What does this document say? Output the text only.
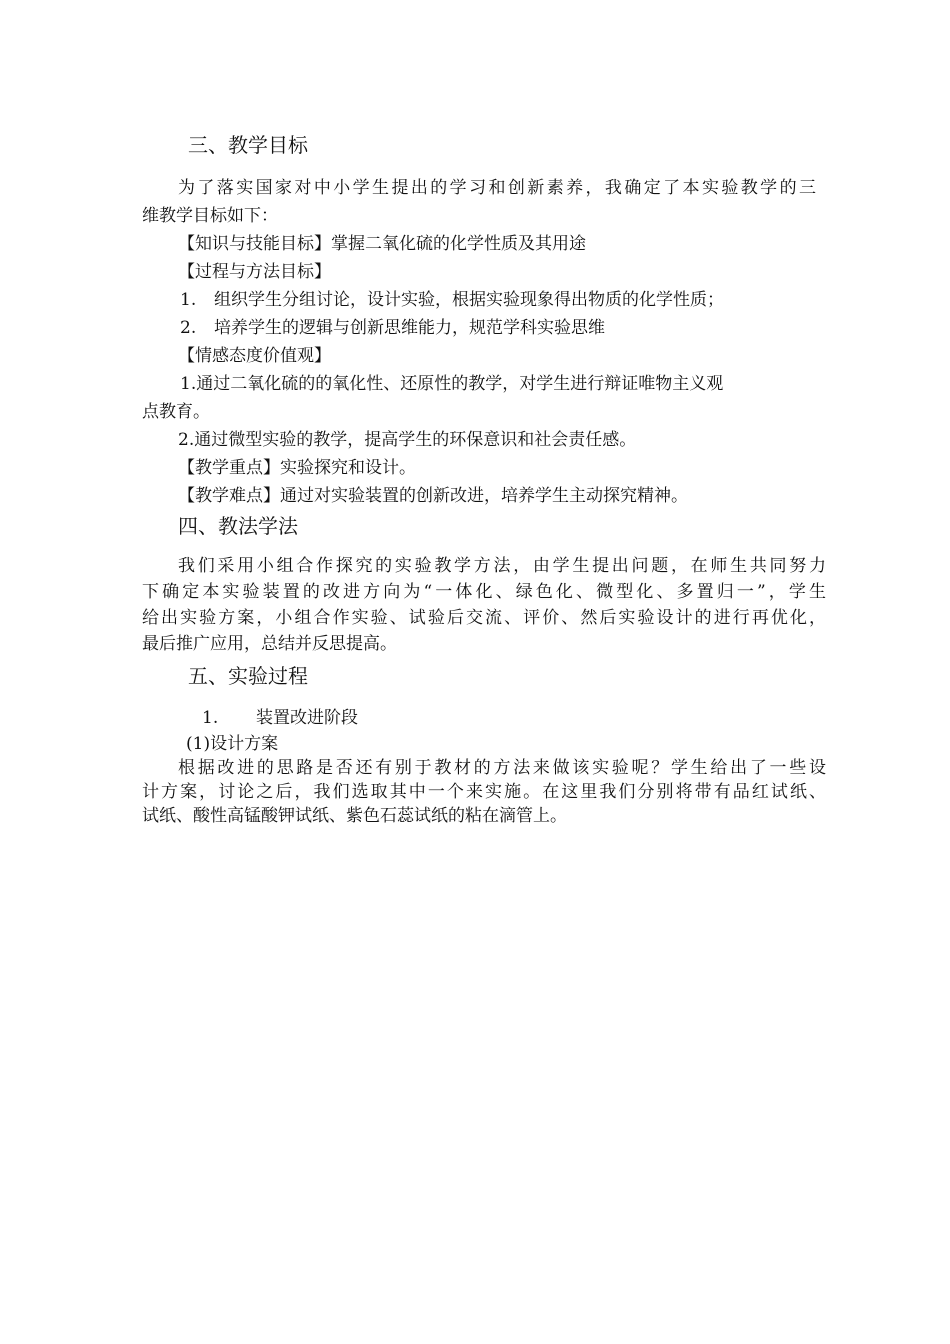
三、教学目标
为了落实国家对中小学生提出的学习和创新素养，我确定了本实验教学的三
维教学目标如下：
【知识与技能目标】掌握二氧化硫的化学性质及其用途
【过程与方法目标】
1. 组织学生分组讨论，设计实验，根据实验现象得出物质的化学性质；
2. 培养学生的逻辑与创新思维能力，规范学科实验思维
【情感态度价值观】
1.通过二氧化硫的的氧化性、还原性的教学，对学生进行辩证唯物主义观
点教育。
2.通过微型实验的教学，提高学生的环保意识和社会责任感。
【教学重点】实验探究和设计。
【教学难点】通过对实验装置的创新改进，培养学生主动探究精神。
四、教法学法
我们采用小组合作探究的实验教学方法，由学生提出问题，在师生共同努力
下确定本实验装置的改进方向为“一体化、绿色化、微型化、多置归一”，学生
给出实验方案，小组合作实验、试验后交流、评价、然后实验设计的进行再优化，
最后推广应用，总结并反思提高。
五、实验过程
1. 装置改进阶段
(1)设计方案
根据改进的思路是否还有别于教材的方法来做该实验呢？学生给出了一些设
计方案，讨论之后，我们选取其中一个来实施。在这里我们分别将带有品红试纸、
试纸、酸性高锰酸钾试纸、紫色石蕊试纸的粘在滴管上。
